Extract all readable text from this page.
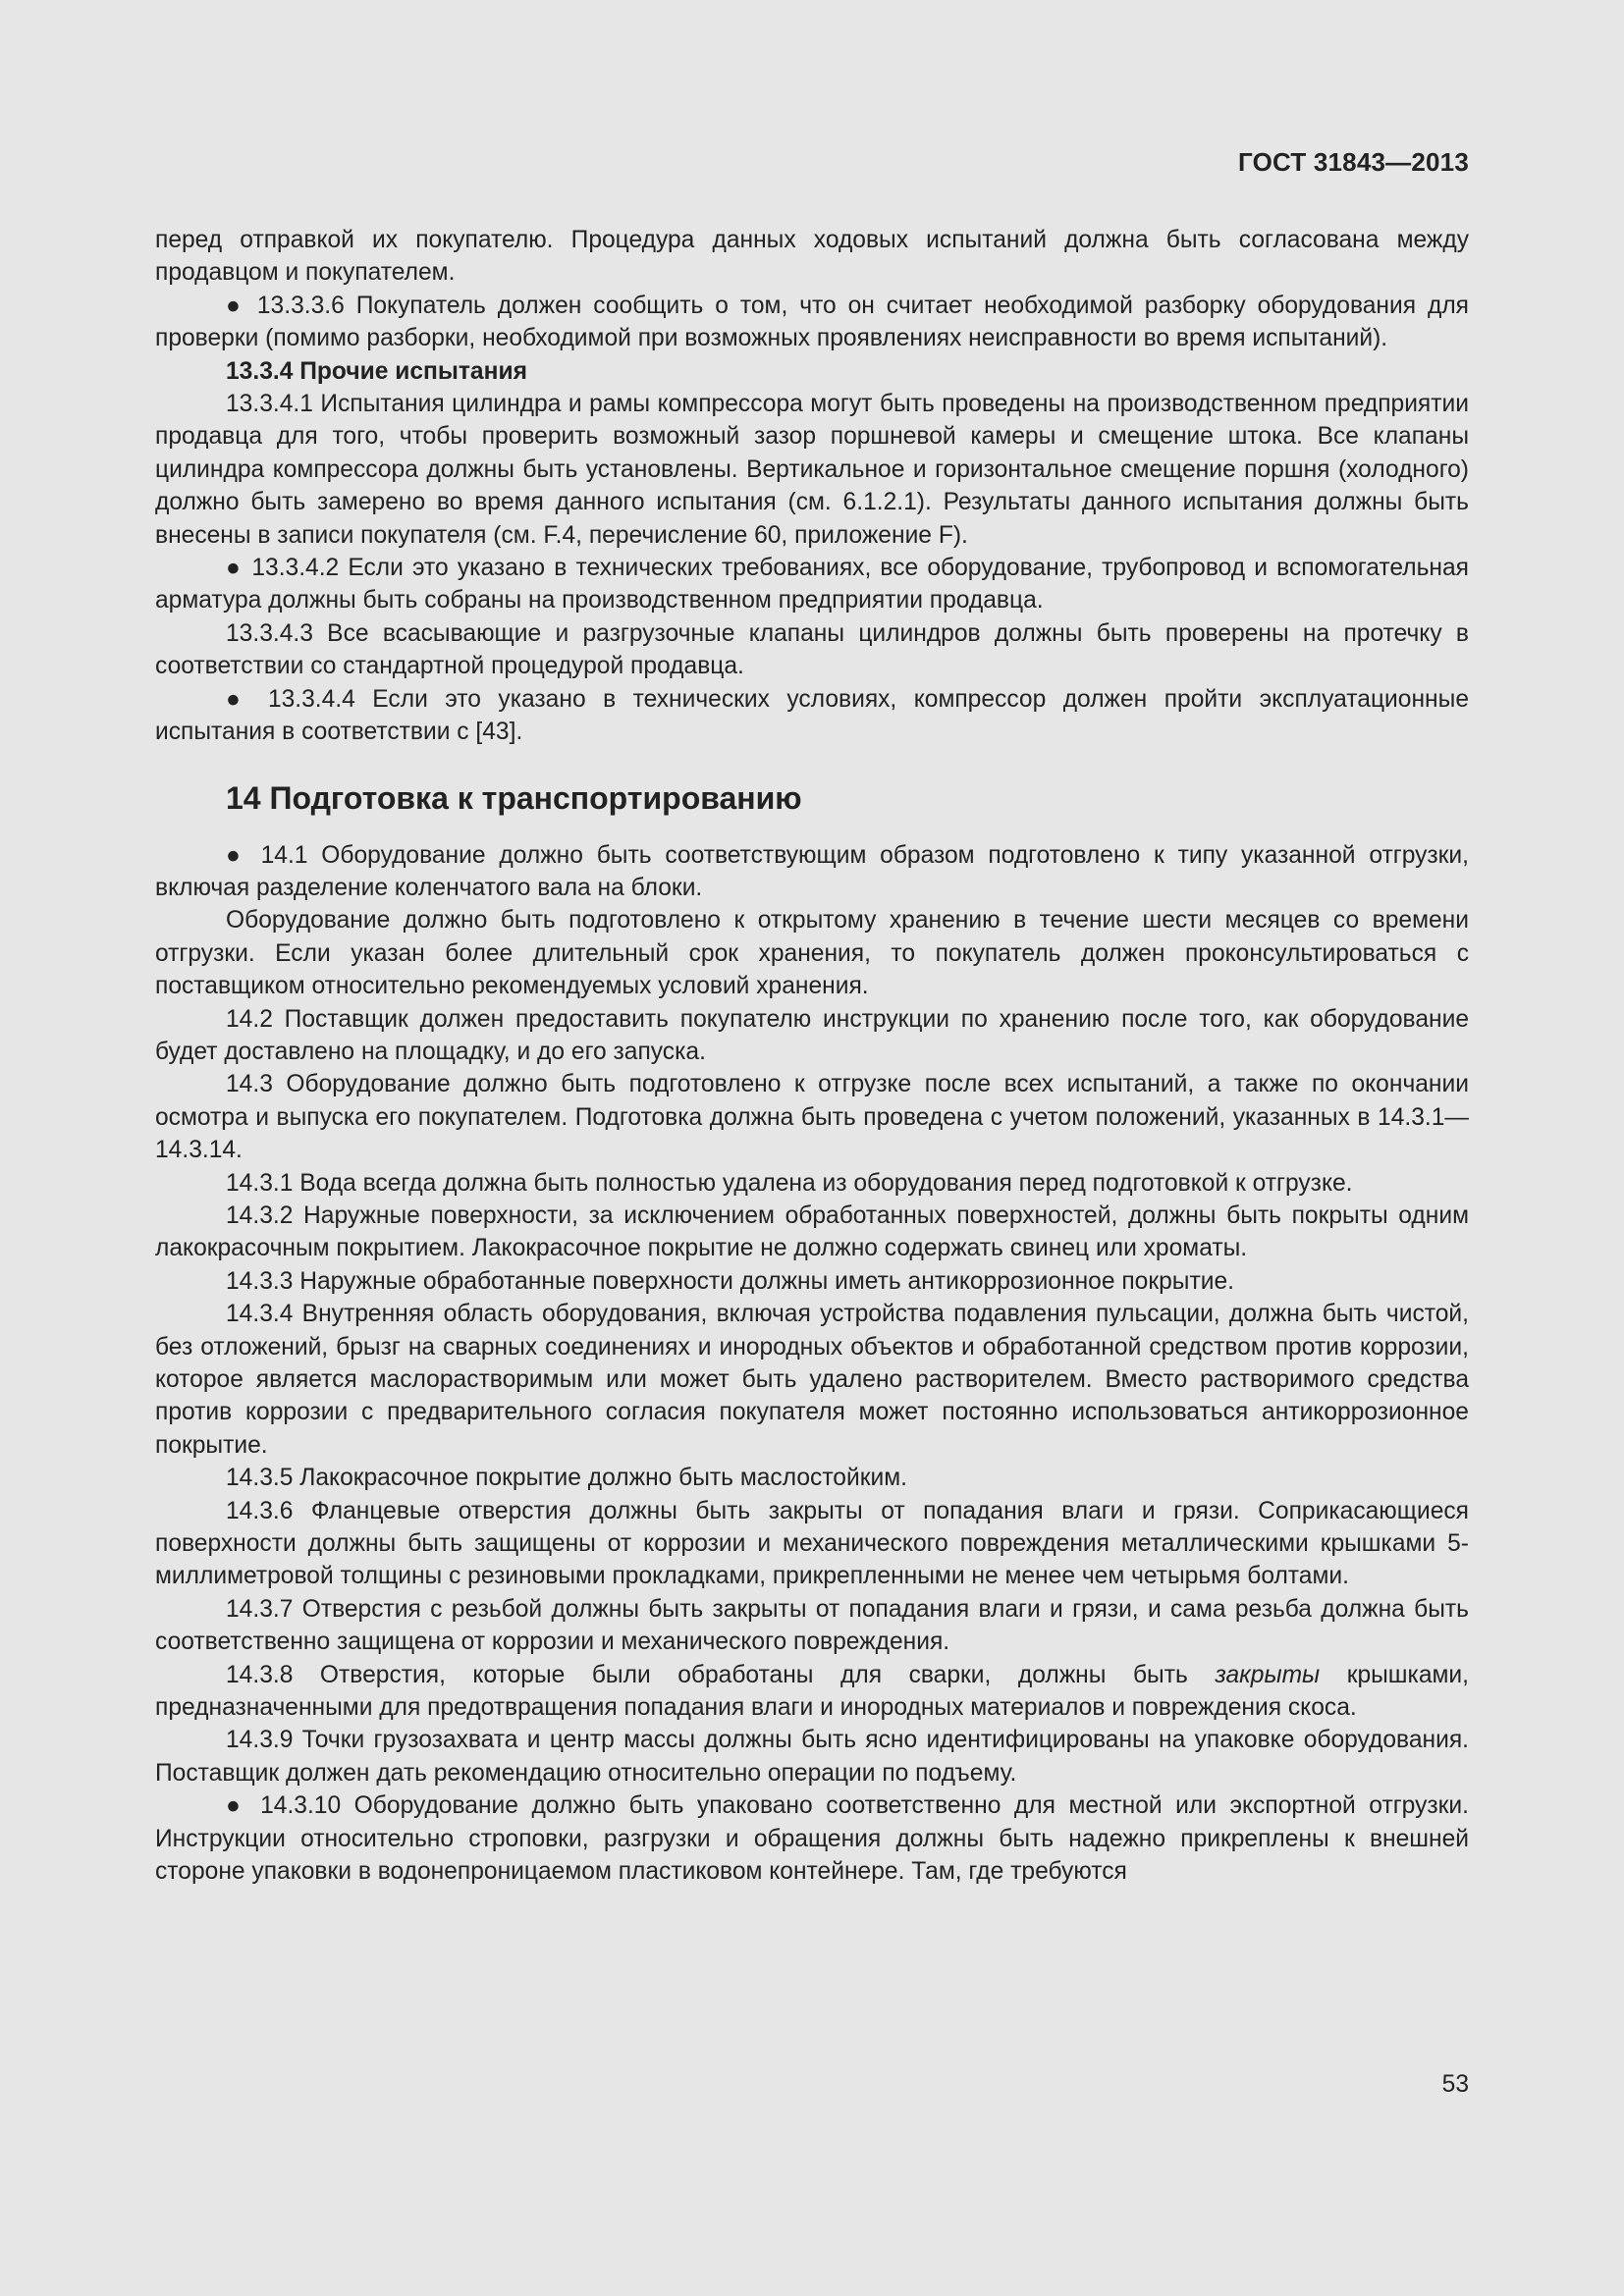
ГОСТ 31843—2013

перед отправкой их покупателю. Процедура данных ходовых испытаний должна быть согласована между продавцом и покупателем.

● 13.3.3.6 Покупатель должен сообщить о том, что он считает необходимой разборку оборудования для проверки (помимо разборки, необходимой при возможных проявлениях неисправности во время испытаний).

13.3.4 Прочие испытания

13.3.4.1 Испытания цилиндра и рамы компрессора могут быть проведены на производственном предприятии продавца для того, чтобы проверить возможный зазор поршневой камеры и смещение штока. Все клапаны цилиндра компрессора должны быть установлены. Вертикальное и горизонтальное смещение поршня (холодного) должно быть замерено во время данного испытания (см. 6.1.2.1). Результаты данного испытания должны быть внесены в записи покупателя (см. F.4, перечисление 60, приложение F).

● 13.3.4.2 Если это указано в технических требованиях, все оборудование, трубопровод и вспомогательная арматура должны быть собраны на производственном предприятии продавца.

13.3.4.3 Все всасывающие и разгрузочные клапаны цилиндров должны быть проверены на протечку в соответствии со стандартной процедурой продавца.

● 13.3.4.4 Если это указано в технических условиях, компрессор должен пройти эксплуатационные испытания в соответствии с [43].

14 Подготовка к транспортированию

● 14.1 Оборудование должно быть соответствующим образом подготовлено к типу указанной отгрузки, включая разделение коленчатого вала на блоки.

Оборудование должно быть подготовлено к открытому хранению в течение шести месяцев со времени отгрузки. Если указан более длительный срок хранения, то покупатель должен проконсультироваться с поставщиком относительно рекомендуемых условий хранения.

14.2 Поставщик должен предоставить покупателю инструкции по хранению после того, как оборудование будет доставлено на площадку, и до его запуска.

14.3 Оборудование должно быть подготовлено к отгрузке после всех испытаний, а также по окончании осмотра и выпуска его покупателем. Подготовка должна быть проведена с учетом положений, указанных в 14.3.1—14.3.14.

14.3.1 Вода всегда должна быть полностью удалена из оборудования перед подготовкой к отгрузке.

14.3.2 Наружные поверхности, за исключением обработанных поверхностей, должны быть покрыты одним лакокрасочным покрытием. Лакокрасочное покрытие не должно содержать свинец или хроматы.

14.3.3 Наружные обработанные поверхности должны иметь антикоррозионное покрытие.

14.3.4 Внутренняя область оборудования, включая устройства подавления пульсации, должна быть чистой, без отложений, брызг на сварных соединениях и инородных объектов и обработанной средством против коррозии, которое является маслорастворимым или может быть удалено растворителем. Вместо растворимого средства против коррозии с предварительного согласия покупателя может постоянно использоваться антикоррозионное покрытие.

14.3.5 Лакокрасочное покрытие должно быть маслостойким.

14.3.6 Фланцевые отверстия должны быть закрыты от попадания влаги и грязи. Соприкасающиеся поверхности должны быть защищены от коррозии и механического повреждения металлическими крышками 5-миллиметровой толщины с резиновыми прокладками, прикрепленными не менее чем четырьмя болтами.

14.3.7 Отверстия с резьбой должны быть закрыты от попадания влаги и грязи, и сама резьба должна быть соответственно защищена от коррозии и механического повреждения.

14.3.8 Отверстия, которые были обработаны для сварки, должны быть закрыты крышками, предназначенными для предотвращения попадания влаги и инородных материалов и повреждения скоса.

14.3.9 Точки грузозахвата и центр массы должны быть ясно идентифицированы на упаковке оборудования. Поставщик должен дать рекомендацию относительно операции по подъему.

● 14.3.10 Оборудование должно быть упаковано соответственно для местной или экспортной отгрузки. Инструкции относительно строповки, разгрузки и обращения должны быть надежно прикреплены к внешней стороне упаковки в водонепроницаемом пластиковом контейнере. Там, где требуются

53
